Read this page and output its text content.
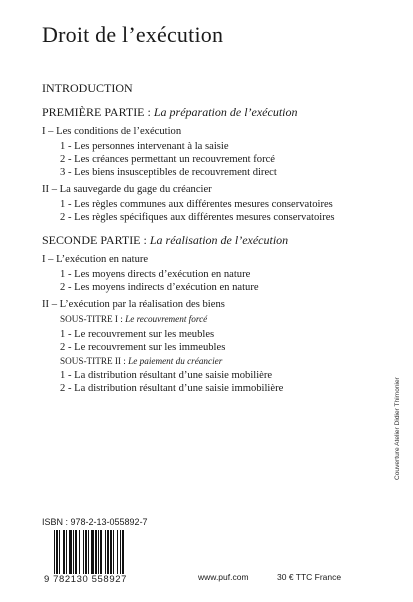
Droit de l’exécution
INTRODUCTION
PREMIÈRE PARTIE : La préparation de l’exécution
I – Les conditions de l’exécution
1 - Les personnes intervenant à la saisie
2 - Les créances permettant un recouvrement forcé
3 - Les biens insusceptibles de recouvrement direct
II – La sauvegarde du gage du créancier
1 - Les règles communes aux différentes mesures conservatoires
2 - Les règles spécifiques aux différentes mesures conservatoires
SECONDE PARTIE : La réalisation de l’exécution
I – L’exécution en nature
1 - Les moyens directs d’exécution en nature
2 - Les moyens indirects d’exécution en nature
II – L’exécution par la réalisation des biens
SOUS-TITRE I : Le recouvrement forcé
1 - Le recouvrement sur les meubles
2 - Le recouvrement sur les immeubles
SOUS-TITRE II : Le paiement du créancier
1 - La distribution résultant d’une saisie mobilière
2 - La distribution résultant d’une saisie immobilière	Couverture Atelier Didier Thimonier
ISBN : 978-2-13-055892-7
9 782130 558927	www.puf.com	30 € TTC France
